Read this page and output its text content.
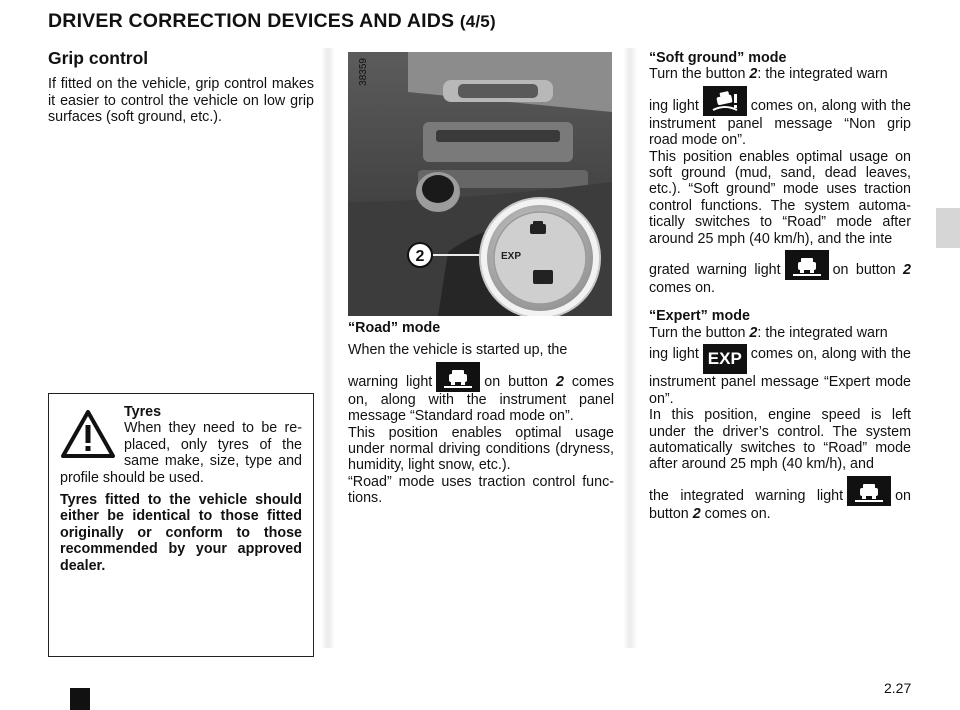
DRIVER CORRECTION DEVICES AND AIDS (4/5)
Grip control

If fitted on the vehicle, grip control makes it easier to control the vehicle on low grip surfaces (soft ground, etc.).

Tyres
When they need to be replaced, only tyres of the same make, size, type and profile should be used.
Tyres fitted to the vehicle should either be identical to those fitted originally or conform to those recommended by your approved dealer.
EXP
2
38359
“Road” mode

When the vehicle is started up, the
warning light	on button 2 comes on, along with the instrument panel message “Standard road mode on”.

This position enables optimal usage under normal driving conditions (dryness, humidity, light snow, etc.).

“Road” mode uses traction control functions.

“Soft ground” mode

Turn the button 2: the integrated warn

ing light	comes on, along with the instrument panel message “Non grip road mode on”.

This position enables optimal usage on soft ground (mud, sand, dead leaves, etc.). “Soft ground” mode uses traction control functions. The system automatically switches to “Road” mode after around 25 mph (40 km/h), and the inte

grated warning light	on button 2 comes on.

“Expert” mode

Turn the button 2: the integrated warn

ing light EXP comes on, along with the instrument panel message “Expert mode on”.

In this position, engine speed is left under the driver’s control. The system automatically switches to “Road” mode after around 25 mph (40 km/h), and

the integrated warning light	on button 2 comes on.

2.27
